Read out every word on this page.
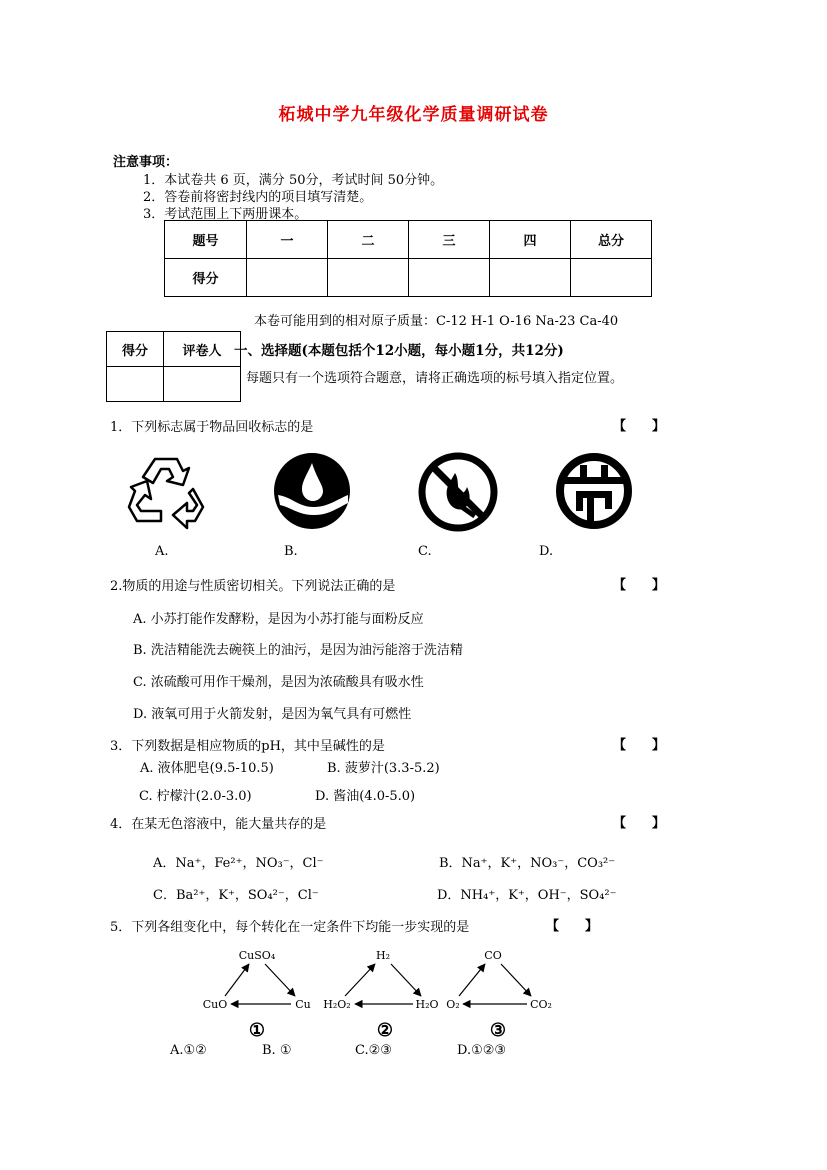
柘城中学九年级化学质量调研试卷
注意事项：
1．本试卷共 6 页，满分 50分，考试时间 50分钟。
2．答卷前将密封线内的项目填写清楚。
3．考试范围上下两册课本。
题号	一	二	三	四	总分
得分					
本卷可能用到的相对原子质量：C-12 H-1 O-16 Na-23 Ca-40
得分	评卷人
	一、选择题(本题包括个12小题，每小题1分，共12分)
每题只有一个选项符合题意，请将正确选项的标号填入指定位置。
1．下列标志属于物品回收标志的是	【　　】
A.	B.	C.	D.
2.物质的用途与性质密切相关。下列说法正确的是	【　　】
A. 小苏打能作发酵粉，是因为小苏打能与面粉反应
B. 洗洁精能洗去碗筷上的油污，是因为油污能溶于洗洁精
C. 浓硫酸可用作干燥剂，是因为浓硫酸具有吸水性
D. 液氧可用于火箭发射，是因为氧气具有可燃性
3．下列数据是相应物质的pH，其中呈碱性的是	【　　】
A. 液体肥皂(9.5-10.5)	B. 菠萝汁(3.3-5.2)
C. 柠檬汁(2.0-3.0)	D. 酱油(4.0-5.0)
4．在某无色溶液中，能大量共存的是	【　　】
A．Na⁺，Fe²⁺，NO₃⁻，Cl⁻	B．Na⁺，K⁺，NO₃⁻，CO₃²⁻
C．Ba²⁺，K⁺，SO₄²⁻，Cl⁻	D．NH₄⁺，K⁺，OH⁻，SO₄²⁻
5．下列各组变化中，每个转化在一定条件下均能一步实现的是	【　　】
CuSO₄
CuO	Cu
①
H₂
H₂O₂	H₂O
②
CO
O₂	CO₂
③
A.①②	B. ①	C.②③	D.①②③
